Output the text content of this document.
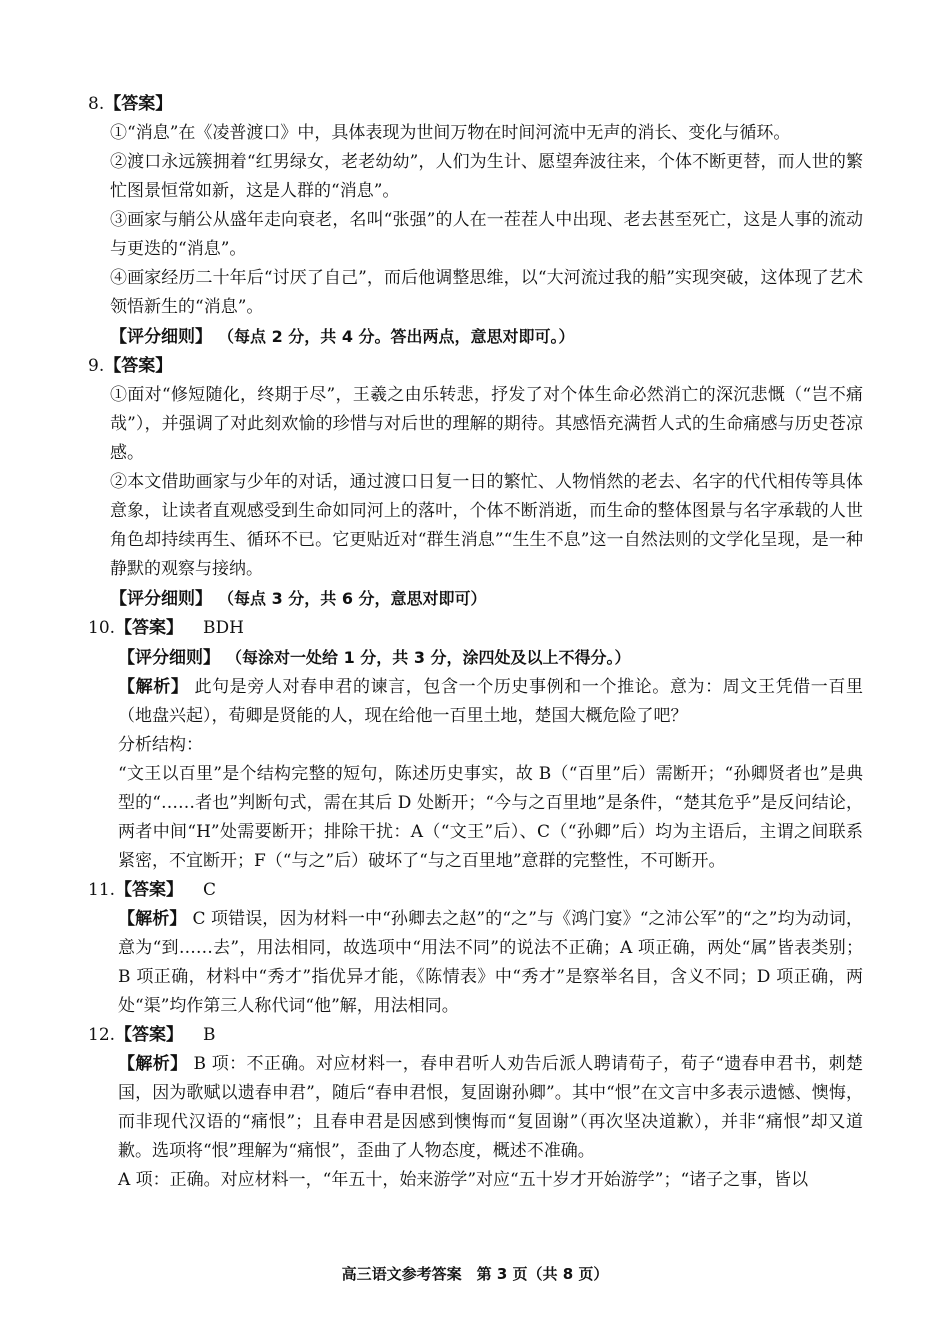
8. 【答案】

①“消息”在《凌普渡口》中，具体表现为世间万物在时间河流中无声的消长、变化与循环。

②渡口永远簇拥着“红男绿女，老老幼幼”，人们为生计、愿望奔波往来，个体不断更替，而人世的繁忙图景恒常如新，这是人群的“消息”。

③画家与艄公从盛年走向衰老，名叫“张强”的人在一茬茬人中出现、老去甚至死亡，这是人事的流动与更迭的“消息”。

④画家经历二十年后“讨厌了自己”，而后他调整思维，以“大河流过我的船”实现突破，这体现了艺术领悟新生的“消息”。

【评分细则】 （每点 2 分，共 4 分。答出两点，意思对即可。）

9. 【答案】

①面对“修短随化，终期于尽”，王羲之由乐转悲，抒发了对个体生命必然消亡的深沉悲慨（“岂不痛哉”），并强调了对此刻欢愉的珍惜与对后世的理解的期待。其感悟充满哲人式的生命痛感与历史苍凉感。

②本文借助画家与少年的对话，通过渡口日复一日的繁忙、人物悄然的老去、名字的代代相传等具体意象，让读者直观感受到生命如同河上的落叶，个体不断消逝，而生命的整体图景与名字承载的人世角色却持续再生、循环不已。它更贴近对“群生消息”“生生不息”这一自然法则的文学化呈现，是一种静默的观察与接纳。

【评分细则】 （每点 3 分，共 6 分，意思对即可）

10. 【答案】 BDH

【评分细则】 （每涂对一处给 1 分，共 3 分，涂四处及以上不得分。）

【解析】 此句是旁人对春申君的谏言，包含一个历史事例和一个推论。意为：周文王凭借一百里（地盘兴起），荀卿是贤能的人，现在给他一百里土地，楚国大概危险了吧？

分析结构：

“文王以百里”是个结构完整的短句，陈述历史事实，故 B（“百里”后）需断开；“孙卿贤者也”是典型的“……者也”判断句式，需在其后 D 处断开；“今与之百里地”是条件，“楚其危乎”是反问结论，两者中间“H”处需要断开；排除干扰：A（“文王”后）、C（“孙卿”后）均为主语后，主谓之间联系紧密，不宜断开；F（“与之”后）破坏了“与之百里地”意群的完整性，不可断开。

11. 【答案】 C

【解析】 C 项错误，因为材料一中“孙卿去之赵”的“之”与《鸿门宴》“之沛公军”的“之”均为动词，意为“到……去”，用法相同，故选项中“用法不同”的说法不正确；A 项正确，两处“属”皆表类别；B 项正确，材料中“秀才”指优异才能，《陈情表》中“秀才”是察举名目，含义不同；D 项正确，两处“渠”均作第三人称代词“他”解，用法相同。

12. 【答案】 B

【解析】 B 项：不正确。对应材料一，春申君听人劝告后派人聘请荀子，荀子“遗春申君书，刺楚国，因为歌赋以遗春申君”，随后“春申君恨，复固谢孙卿”。其中“恨”在文言中多表示遗憾、懊悔，而非现代汉语的“痛恨”；且春申君是因感到懊悔而“复固谢”（再次坚决道歉），并非“痛恨”却又道歉。选项将“恨”理解为“痛恨”，歪曲了人物态度，概述不准确。

A 项：正确。对应材料一，“年五十，始来游学”对应“五十岁才开始游学”；“诸子之事，皆以

高三语文参考答案　第 3 页（共 8 页）
